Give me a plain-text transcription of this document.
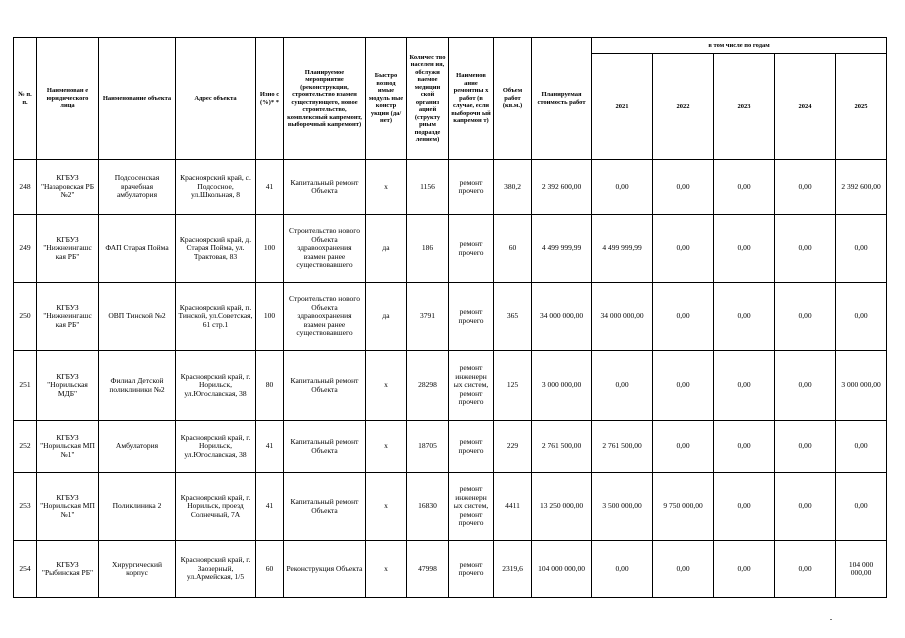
№ п. п.	Наименован е юридического лица	Наименование объекта	Адрес объекта	Изно с (%)* *	Планируемое мероприятие (реконструкция, строительство взамен существующего, новое строительство, комплексный капремонт, выборочный капремонт)	Быстро возвод имые модуль ные констр укции (да/нет)	Количес тво населен ия, обслужи ваемое медицин ской организ ацией (структу рным подразде лением)	Наименов ание ремонтны х работ (в случае, если выборочн ый капремон т)	Объем работ (кв.м.)	Планируемая стоимость работ	в том числе по годам				
											2021	2022	2023	2024	2025
248	КГБУЗ "Назаровская РБ №2"	Подсосенская врачебная амбулатория	Красноярский край, с. Подсосное, ул.Школьная, 8	41	Капитальный ремонт Объекта	х	1156	ремонт прочего	380,2	2 392 600,00	0,00	0,00	0,00	0,00	2 392 600,00
249	КГБУЗ "Нижнеингашс кая РБ"	ФАП Старая Пойма	Красноярский край, д. Старая Пойма, ул. Трактовая, 83	100	Строительство нового Объекта здравоохранения взамен ранее существовавшего	да	186	ремонт прочего	60	4 499 999,99	4 499 999,99	0,00	0,00	0,00	0,00
250	КГБУЗ "Нижнеингашс кая РБ"	ОВП Тинской №2	Красноярский край, п. Тинской, ул.Советская, 61 стр.1	100	Строительство нового Объекта здравоохранения взамен ранее существовавшего	да	3791	ремонт прочего	365	34 000 000,00	34 000 000,00	0,00	0,00	0,00	0,00
251	КГБУЗ "Норильская МДБ"	Филиал Детской поликлиники №2	Красноярский край, г. Норильск, ул.Югославская, 38	80	Капитальный ремонт Объекта	х	28298	ремонт инженерн ых систем, ремонт прочего	125	3 000 000,00	0,00	0,00	0,00	0,00	3 000 000,00
252	КГБУЗ "Норильская МП №1"	Амбулатория	Красноярский край, г. Норильск, ул.Югославская, 38	41	Капитальный ремонт Объекта	х	18705	ремонт прочего	229	2 761 500,00	2 761 500,00	0,00	0,00	0,00	0,00
253	КГБУЗ "Норильская МП №1"	Поликлиника 2	Красноярский край, г. Норильск, проезд Солнечный, 7А	41	Капитальный ремонт Объекта	х	16830	ремонт инженерн ых систем, ремонт прочего	4411	13 250 000,00	3 500 000,00	9 750 000,00	0,00	0,00	0,00
254	КГБУЗ "Рыбинская РБ"	Хирургический корпус	Красноярский край, г. Заозерный, ул.Армейская, 1/5	60	Реконструкция Объекта	х	47998	ремонт прочего	2319,6	104 000 000,00	0,00	0,00	0,00	0,00	104 000 000,00
